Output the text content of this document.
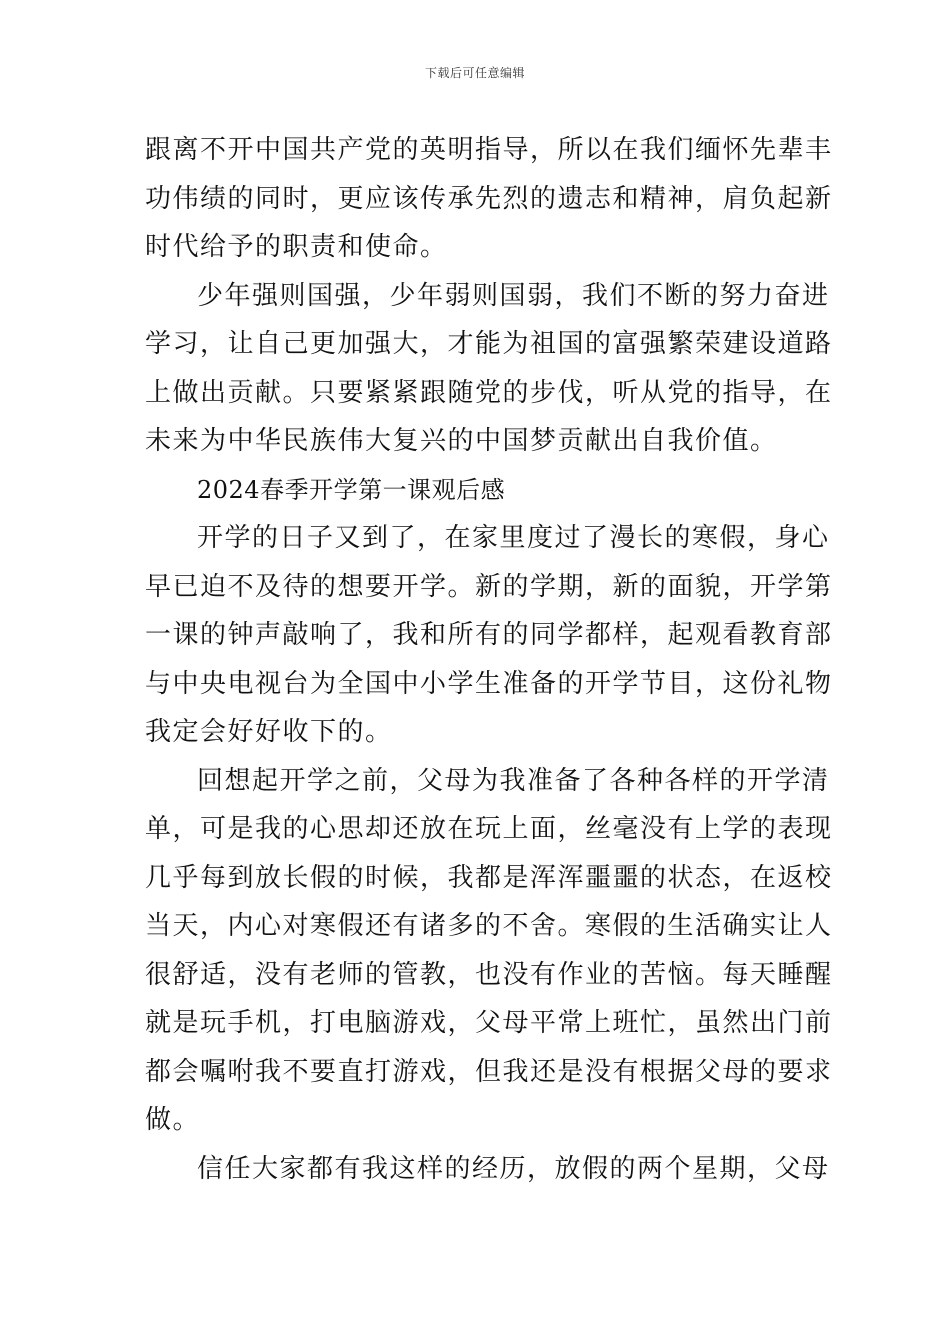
下载后可任意编辑
跟离不开中国共产党的英明指导，所以在我们缅怀先辈丰
功伟绩的同时，更应该传承先烈的遗志和精神，肩负起新
时代给予的职责和使命。
少年强则国强，少年弱则国弱，我们不断的努力奋进
学习，让自己更加强大，才能为祖国的富强繁荣建设道路
上做出贡献。只要紧紧跟随党的步伐，听从党的指导，在
未来为中华民族伟大复兴的中国梦贡献出自我价值。
2024春季开学第一课观后感
开学的日子又到了，在家里度过了漫长的寒假，身心
早已迫不及待的想要开学。新的学期，新的面貌，开学第
一课的钟声敲响了，我和所有的同学都样，起观看教育部
与中央电视台为全国中小学生准备的开学节目，这份礼物
我定会好好收下的。
回想起开学之前，父母为我准备了各种各样的开学清
单，可是我的心思却还放在玩上面，丝毫没有上学的表现
几乎每到放长假的时候，我都是浑浑噩噩的状态，在返校
当天，内心对寒假还有诸多的不舍。寒假的生活确实让人
很舒适，没有老师的管教，也没有作业的苦恼。每天睡醒
就是玩手机，打电脑游戏，父母平常上班忙，虽然出门前
都会嘱咐我不要直打游戏，但我还是没有根据父母的要求
做。
信任大家都有我这样的经历，放假的两个星期，父母
